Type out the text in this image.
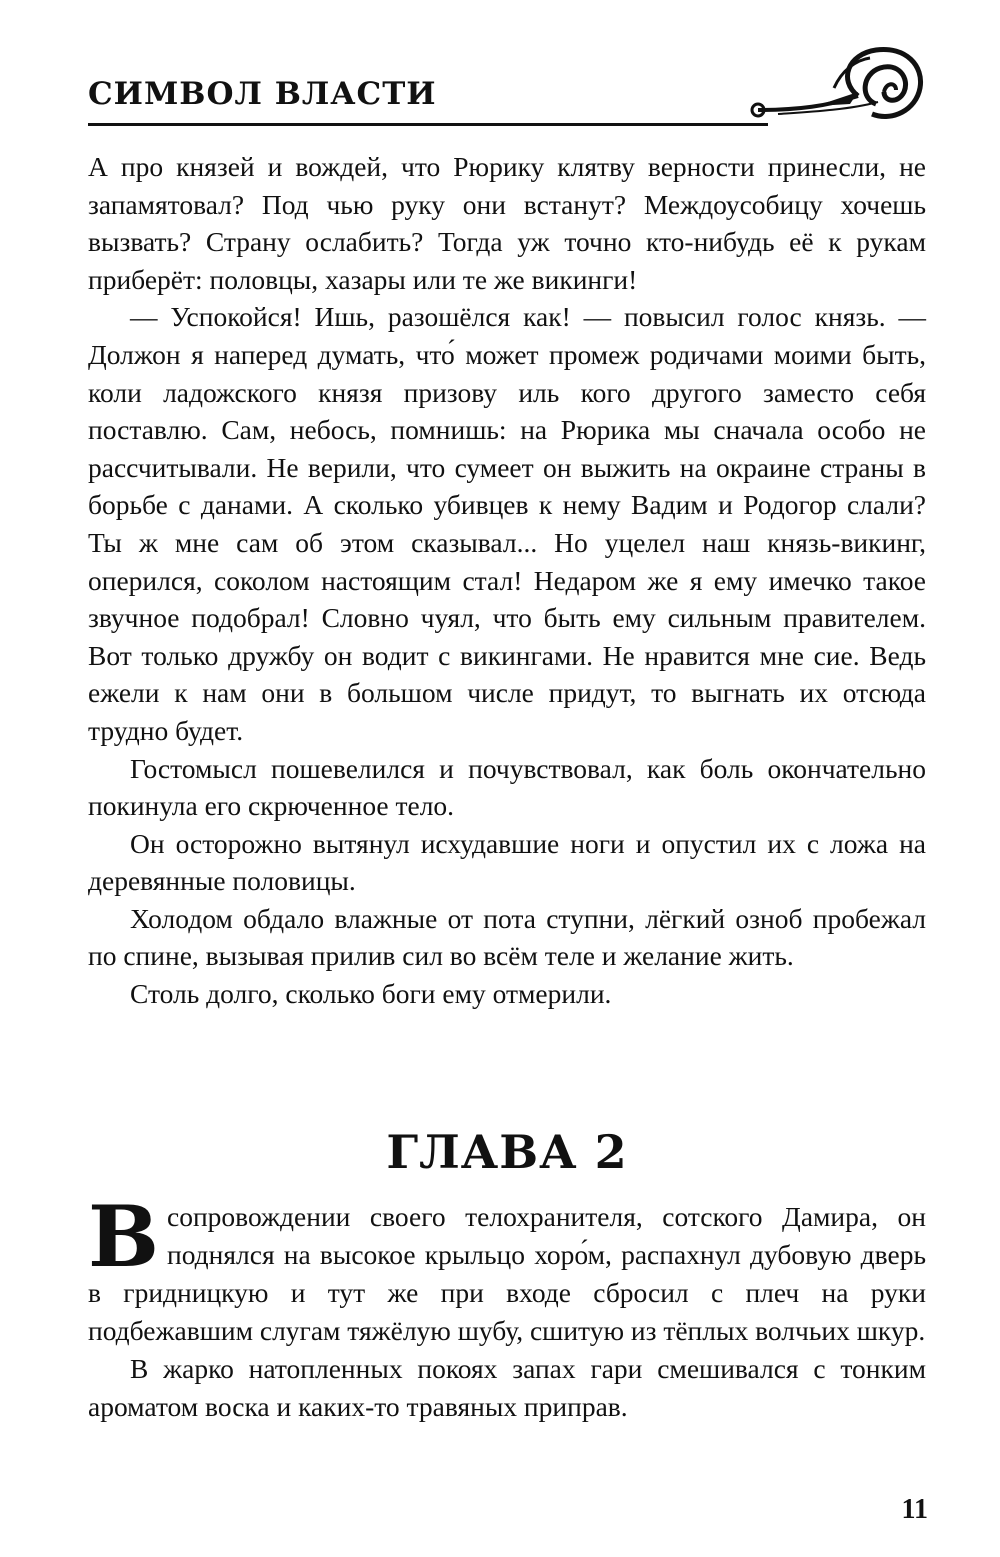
СИМВОЛ ВЛАСТИ

А про князей и вождей, что Рюрику клятву верности принесли, не запамятовал? Под чью руку они встанут? Междоусобицу хочешь вызвать? Страну ослабить? Тогда уж точно кто-нибудь её к рукам приберёт: половцы, хазары или те же викинги!

— Успокойся! Ишь, разошёлся как! — повысил голос князь. — Должон я наперед думать, что́ может промеж родичами моими быть, коли ладожского князя призову иль кого другого заместо себя поставлю. Сам, небось, помнишь: на Рюрика мы сначала особо не рассчитывали. Не верили, что сумеет он выжить на окраине страны в борьбе с данами. А сколько убивцев к нему Вадим и Родогор слали? Ты ж мне сам об этом сказывал... Но уцелел наш князь-викинг, оперился, соколом настоящим стал! Недаром же я ему имечко такое звучное подобрал! Словно чуял, что быть ему сильным правителем. Вот только дружбу он водит с викингами. Не нравится мне сие. Ведь ежели к нам они в большом числе придут, то выгнать их отсюда трудно будет.

Гостомысл пошевелился и почувствовал, как боль окончательно покинула его скрюченное тело.

Он осторожно вытянул исхудавшие ноги и опустил их с ложа на деревянные половицы.

Холодом обдало влажные от пота ступни, лёгкий озноб пробежал по спине, вызывая прилив сил во всём теле и желание жить.

Столь долго, сколько боги ему отмерили.

ГЛАВА 2

Всопровождении своего телохранителя, сотского Дамира, он поднялся на высокое крыльцо хоро́м, распахнул дубовую дверь в гридницкую и тут же при входе сбросил с плеч на руки подбежавшим слугам тяжёлую шубу, сшитую из тёплых волчьих шкур.

В жарко натопленных покоях запах гари смешивался с тонким ароматом воска и каких-то травяных приправ.

11
